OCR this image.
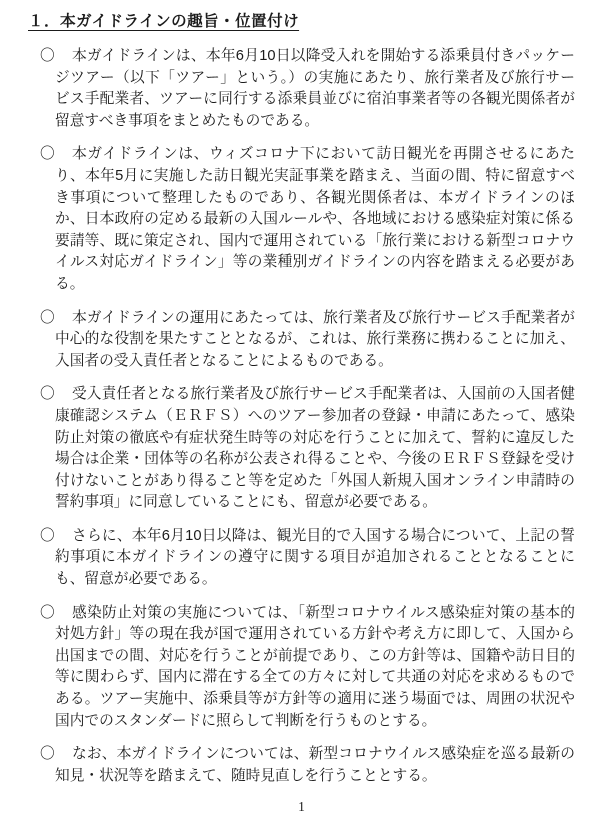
１．本ガイドラインの趣旨・位置付け
〇 本ガイドラインは、本年6月10日以降受入れを開始する添乗員付きパッケージツアー（以下「ツアー」という。）の実施にあたり、旅行業者及び旅行サービス手配業者、ツアーに同行する添乗員並びに宿泊事業者等の各観光関係者が留意すべき事項をまとめたものである。
〇 本ガイドラインは、ウィズコロナ下において訪日観光を再開させるにあたり、本年5月に実施した訪日観光実証事業を踏まえ、当面の間、特に留意すべき事項について整理したものであり、各観光関係者は、本ガイドラインのほか、日本政府の定める最新の入国ルールや、各地域における感染症対策に係る要請等、既に策定され、国内で運用されている「旅行業における新型コロナウイルス対応ガイドライン」等の業種別ガイドラインの内容を踏まえる必要がある。
〇 本ガイドラインの運用にあたっては、旅行業者及び旅行サービス手配業者が中心的な役割を果たすこととなるが、これは、旅行業務に携わることに加え、入国者の受入責任者となることによるものである。
〇 受入責任者となる旅行業者及び旅行サービス手配業者は、入国前の入国者健康確認システム（ＥＲＦＳ）へのツアー参加者の登録・申請にあたって、感染防止対策の徹底や有症状発生時等の対応を行うことに加えて、誓約に違反した場合は企業・団体等の名称が公表され得ることや、今後のＥＲＦＳ登録を受け付けないことがあり得ること等を定めた「外国人新規入国オンライン申請時の誓約事項」に同意していることにも、留意が必要である。
〇 さらに、本年6月10日以降は、観光目的で入国する場合について、上記の誓約事項に本ガイドラインの遵守に関する項目が追加されることとなることにも、留意が必要である。
〇 感染防止対策の実施については、「新型コロナウイルス感染症対策の基本的対処方針」等の現在我が国で運用されている方針や考え方に即して、入国から出国までの間、対応を行うことが前提であり、この方針等は、国籍や訪日目的等に関わらず、国内に滞在する全ての方々に対して共通の対応を求めるものである。ツアー実施中、添乗員等が方針等の適用に迷う場面では、周囲の状況や国内でのスタンダードに照らして判断を行うものとする。
〇 なお、本ガイドラインについては、新型コロナウイルス感染症を巡る最新の知見・状況等を踏まえて、随時見直しを行うこととする。
1
